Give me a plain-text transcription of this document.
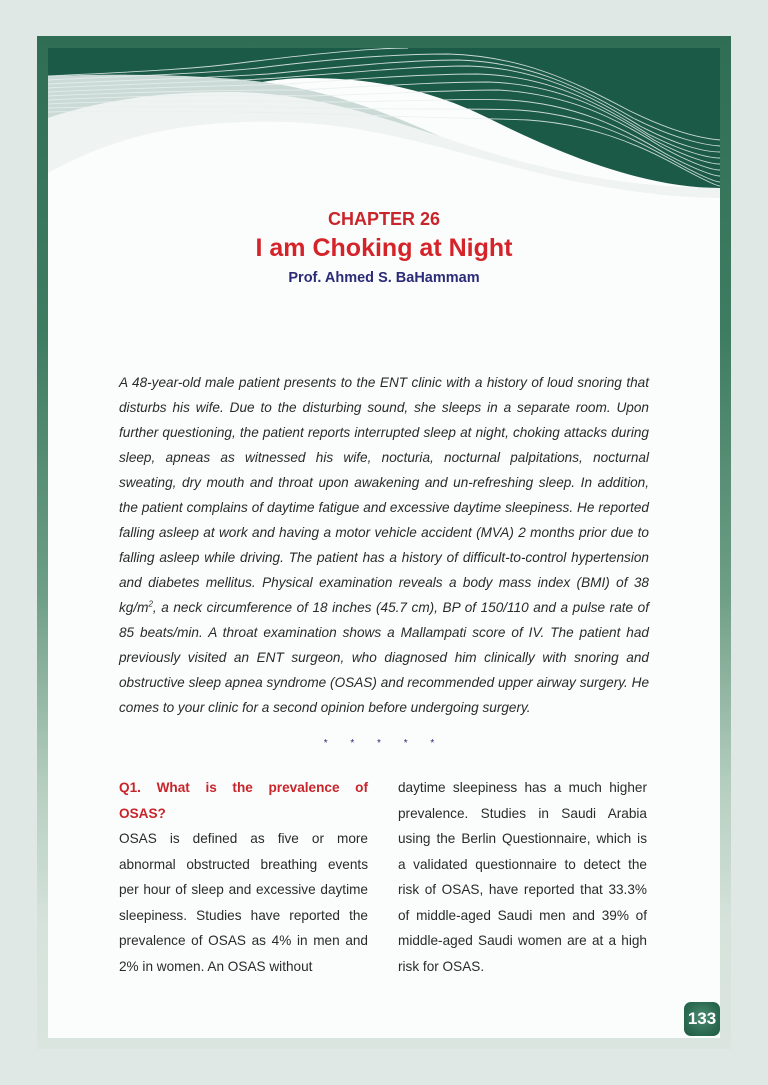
CHAPTER 26
I am Choking at Night
Prof. Ahmed S. BaHammam
A 48-year-old male patient presents to the ENT clinic with a history of loud snoring that disturbs his wife. Due to the disturbing sound, she sleeps in a separate room. Upon further questioning, the patient reports interrupted sleep at night, choking attacks during sleep, apneas as witnessed his wife, nocturia, nocturnal palpitations, nocturnal sweating, dry mouth and throat upon awakening and un-refreshing sleep. In addition, the patient complains of daytime fatigue and excessive daytime sleepiness. He reported falling asleep at work and having a motor vehicle accident (MVA) 2 months prior due to falling asleep while driving. The patient has a history of difficult-to-control hypertension and diabetes mellitus. Physical examination reveals a body mass index (BMI) of 38 $kg/m^2$, a neck circumference of 18 inches (45.7 cm), BP of 150/110 and a pulse rate of 85 beats/min. A throat examination shows a Mallampati score of IV. The patient had previously visited an ENT surgeon, who diagnosed him clinically with snoring and obstructive sleep apnea syndrome (OSAS) and recommended upper airway surgery. He comes to your clinic for a second opinion before undergoing surgery.
* * * * *
Q1. What is the prevalence of
OSAS?
OSAS is defined as five or more abnormal obstructed breathing events per hour of sleep and excessive daytime sleepiness. Studies have reported the prevalence of OSAS as 4% in men and 2% in women. An OSAS without
daytime sleepiness has a much higher prevalence. Studies in Saudi Arabia using the Berlin Questionnaire, which is a validated questionnaire to detect the risk of OSAS, have reported that 33.3% of middle-aged Saudi men and 39% of middle-aged Saudi women are at a high risk for OSAS.
133
